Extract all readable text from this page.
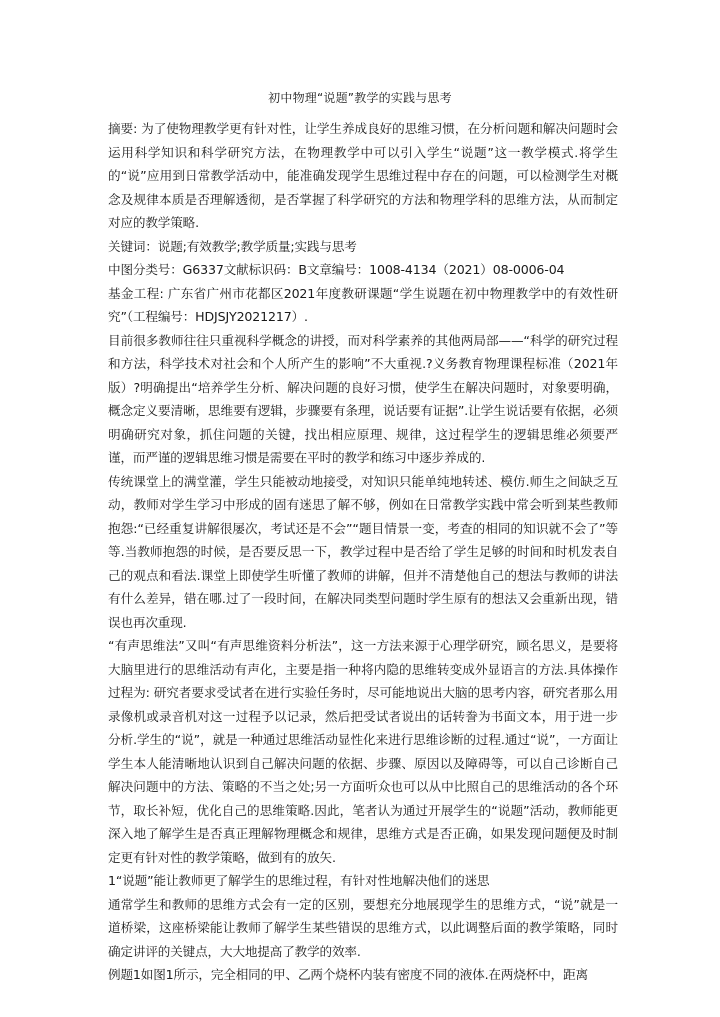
初中物理“说题”教学的实践与思考

摘要: 为了使物理教学更有针对性，让学生养成良好的思维习惯，在分析问题和解决问题时会运用科学知识和科学研究方法，在物理教学中可以引入学生“说题”这一教学模式.将学生的“说”应用到日常教学活动中，能准确发现学生思维过程中存在的问题，可以检测学生对概念及规律本质是否理解透彻，是否掌握了科学研究的方法和物理学科的思维方法，从而制定对应的教学策略.

关键词：说题;有效教学;教学质量;实践与思考

中图分类号：G6337文献标识码：B文章编号：1008-4134（2021）08-0006-04

基金工程: 广东省广州市花都区2021年度教研课题“学生说题在初中物理教学中的有效性研究”（工程编号：HDJSJY2021217）.

目前很多教师往往只重视科学概念的讲授，而对科学素养的其他两局部——“科学的研究过程和方法，科学技术对社会和个人所产生的影响”不大重视.?义务教育物理课程标准（2021年版）?明确提出“培养学生分析、解决问题的良好习惯，使学生在解决问题时，对象要明确，概念定义要清晰，思维要有逻辑，步骤要有条理，说话要有证据”.让学生说话要有依据，必须明确研究对象，抓住问题的关键，找出相应原理、规律，这过程学生的逻辑思维必须要严谨，而严谨的逻辑思维习惯是需要在平时的教学和练习中逐步养成的.

传统课堂上的满堂灌，学生只能被动地接受，对知识只能单纯地转述、模仿.师生之间缺乏互动，教师对学生学习中形成的固有迷思了解不够，例如在日常教学实践中常会听到某些教师抱怨:“已经重复讲解很屡次，考试还是不会”“题目情景一变，考查的相同的知识就不会了”等等.当教师抱怨的时候，是否要反思一下，教学过程中是否给了学生足够的时间和时机发表自己的观点和看法.课堂上即使学生听懂了教师的讲解，但并不清楚他自己的想法与教师的讲法有什么差异，错在哪.过了一段时间，在解决同类型问题时学生原有的想法又会重新出现，错误也再次重现.

“有声思维法”又叫“有声思维资料分析法”，这一方法来源于心理学研究，顾名思义，是要将大脑里进行的思维活动有声化，主要是指一种将内隐的思维转变成外显语言的方法.具体操作过程为: 研究者要求受试者在进行实验任务时，尽可能地说出大脑的思考内容，研究者那么用录像机或录音机对这一过程予以记录，然后把受试者说出的话转誊为书面文本，用于进一步分析.学生的“说”，就是一种通过思维活动显性化来进行思维诊断的过程.通过“说”，一方面让学生本人能清晰地认识到自己解决问题的依据、步骤、原因以及障碍等，可以自己诊断自己解决问题中的方法、策略的不当之处;另一方面听众也可以从中比照自己的思维活动的各个环节，取长补短，优化自己的思维策略.因此，笔者认为通过开展学生的“说题”活动，教师能更深入地了解学生是否真正理解物理概念和规律，思维方式是否正确，如果发现问题便及时制定更有针对性的教学策略，做到有的放矢.

1“说题”能让教师更了解学生的思维过程，有针对性地解决他们的迷思

通常学生和教师的思维方式会有一定的区别，要想充分地展现学生的思维方式，“说”就是一道桥梁，这座桥梁能让教师了解学生某些错误的思维方式，以此调整后面的教学策略，同时确定讲评的关键点，大大地提高了教学的效率.

例题1如图1所示，完全相同的甲、乙两个烧杯内装有密度不同的液体.在两烧杯中，距离
